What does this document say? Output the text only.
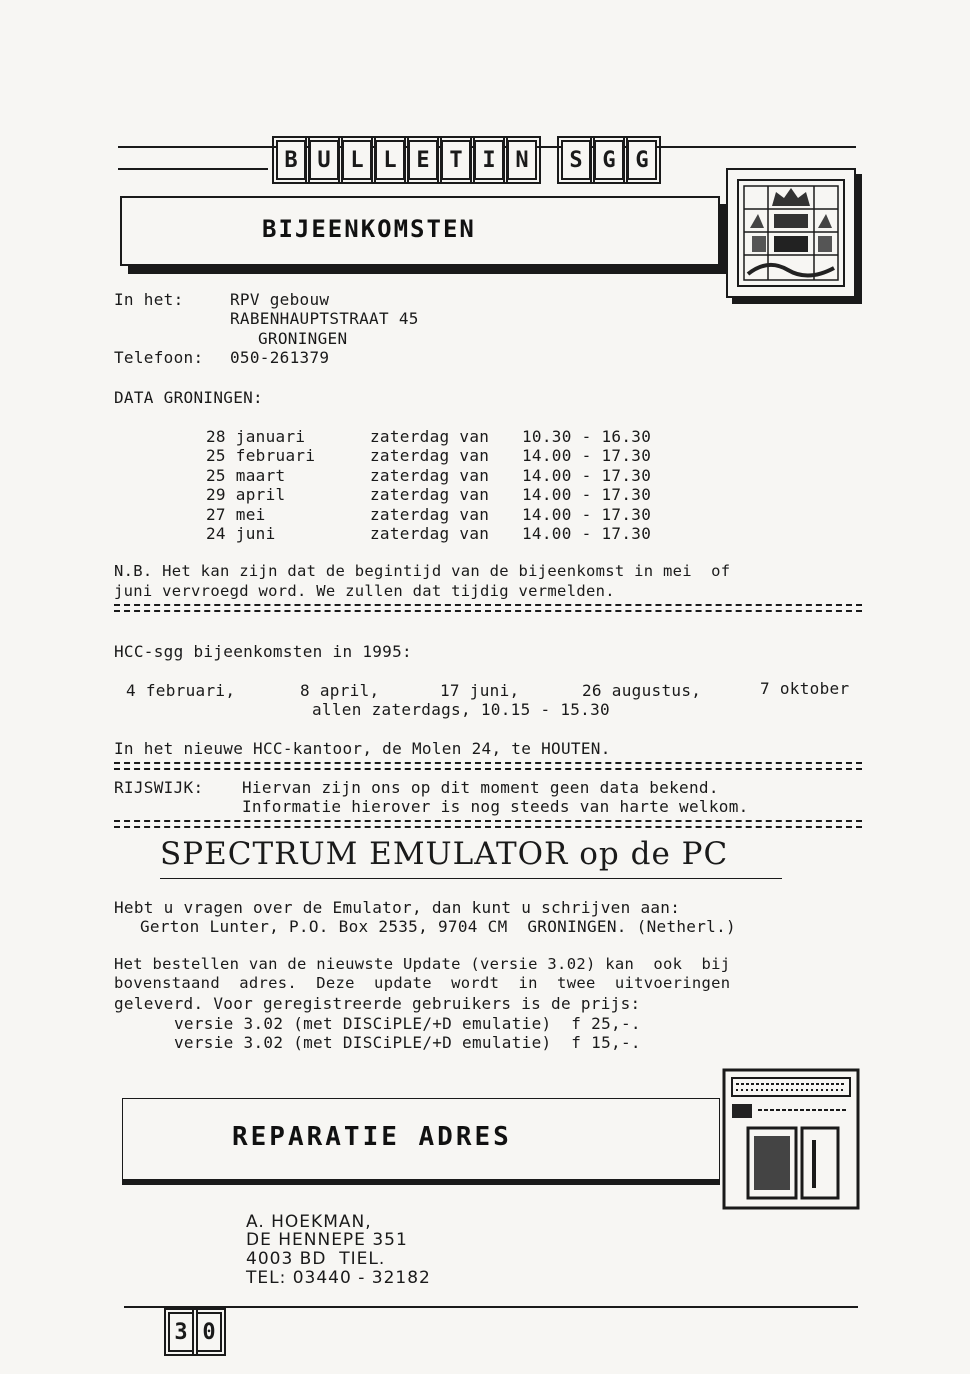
B U L L E T I N	S G G
BIJEENKOMSTEN
In het:	RPV gebouw
RABENHAUPTSTRAAT 45
GRONINGEN
Telefoon: 050-261379
DATA GRONINGEN:
28 januari	zaterdag van 10.30 - 16.30
25 februari	zaterdag van 14.00 - 17.30
25 maart	zaterdag van 14.00 - 17.30
29 april	zaterdag van 14.00 - 17.30
27 mei	zaterdag van 14.00 - 17.30
24 juni	zaterdag van 14.00 - 17.30
N.B. Het kan zijn dat de begintijd van de bijeenkomst in mei  of
juni vervroegd word. We zullen dat tijdig vermelden.
HCC-sgg bijeenkomsten in 1995:
4 februari,	8 april,	17 juni,	26 augustus,	7 oktober
allen zaterdags, 10.15 - 15.30
In het nieuwe HCC-kantoor, de Molen 24, te HOUTEN.
RIJSWIJK: Hiervan zijn ons op dit moment geen data bekend.
Informatie hierover is nog steeds van harte welkom.
SPECTRUM EMULATOR op de PC
Hebt u vragen over de Emulator, dan kunt u schrijven aan:
Gerton Lunter, P.O. Box 2535, 9704 CM  GRONINGEN. (Netherl.)
Het bestellen van de nieuwste Update (versie 3.02) kan  ook  bij
bovenstaand  adres.  Deze  update  wordt  in  twee  uitvoeringen
geleverd. Voor geregistreerde gebruikers is de prijs:
versie 3.02 (met DISCiPLE/+D emulatie)  f 25,-.
versie 3.02 (met DISCiPLE/+D emulatie)  f 15,-.
REPARATIE ADRES
A. HOEKMAN,
DE HENNEPE 351
4003 BD  TIEL.
TEL: 03440 - 32182
3 0
